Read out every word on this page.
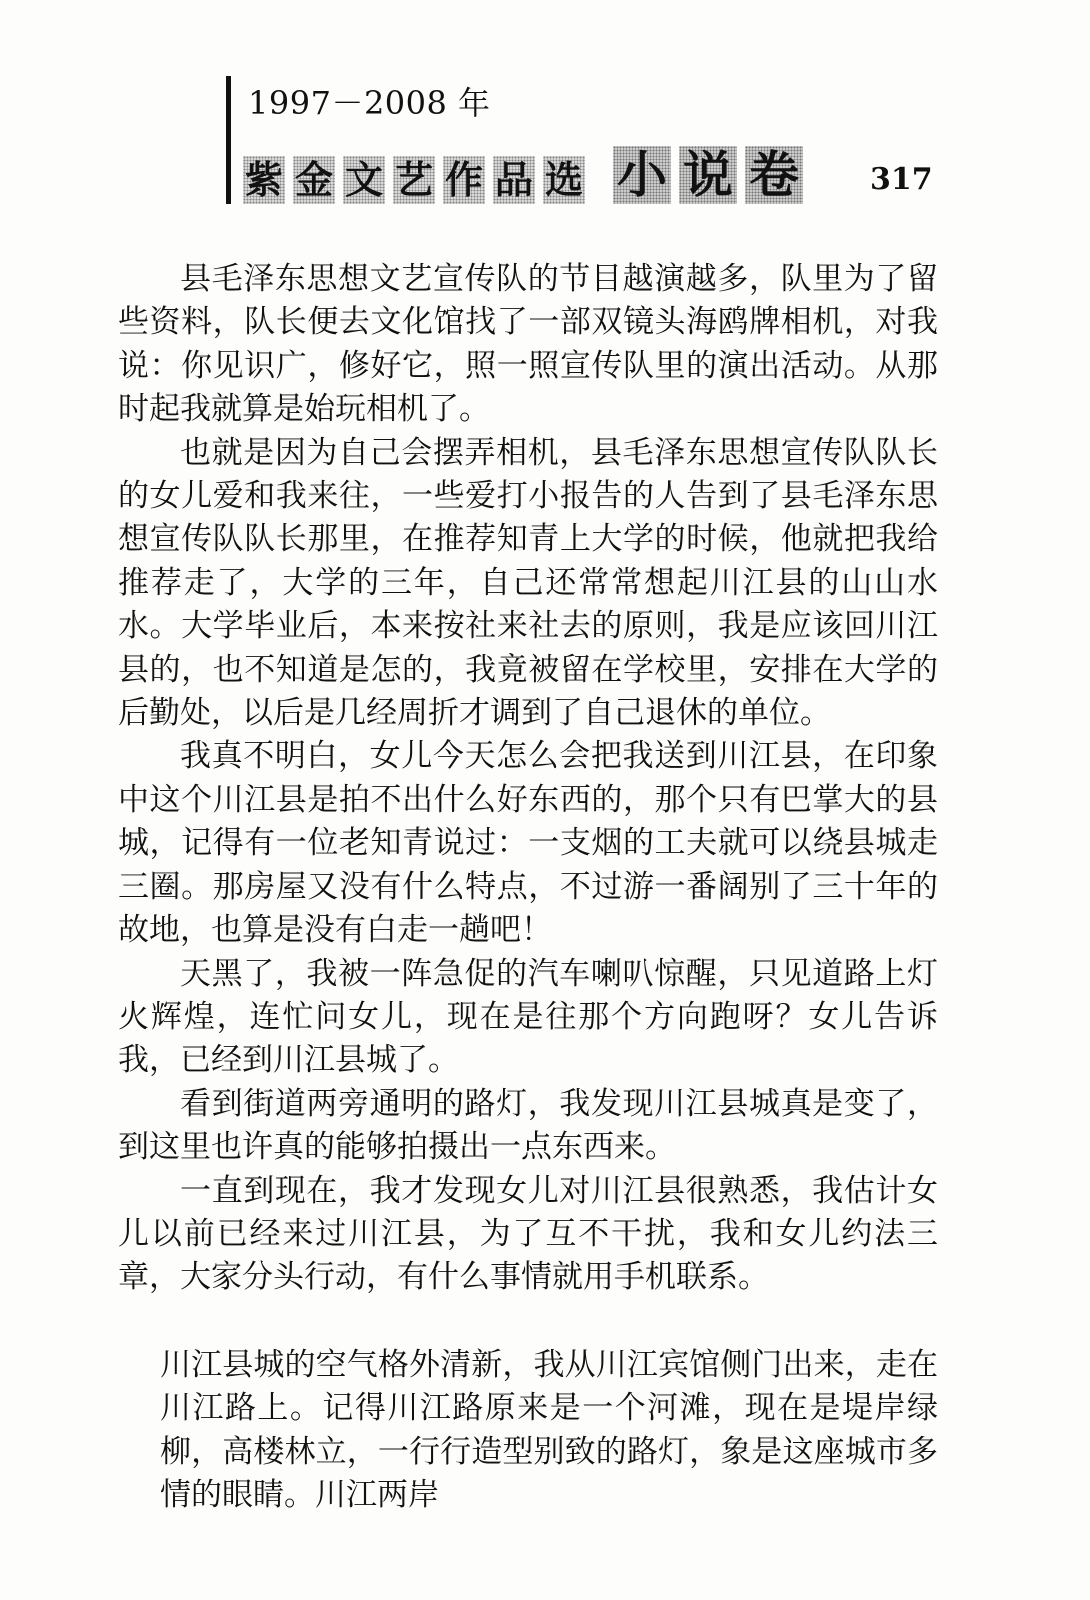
1997－2008 年
紫 金 文 艺 作 品 选 小 说 卷 317

县毛泽东思想文艺宣传队的节目越演越多，队里为了留些资料，队长便去文化馆找了一部双镜头海鸥牌相机，对我说：你见识广，修好它，照一照宣传队里的演出活动。从那时起我就算是始玩相机了。

也就是因为自己会摆弄相机，县毛泽东思想宣传队队长的女儿爱和我来往，一些爱打小报告的人告到了县毛泽东思想宣传队队长那里，在推荐知青上大学的时候，他就把我给推荐走了，大学的三年，自己还常常想起川江县的山山水水。大学毕业后，本来按社来社去的原则，我是应该回川江县的，也不知道是怎的，我竟被留在学校里，安排在大学的后勤处，以后是几经周折才调到了自己退休的单位。

我真不明白，女儿今天怎么会把我送到川江县，在印象中这个川江县是拍不出什么好东西的，那个只有巴掌大的县城，记得有一位老知青说过：一支烟的工夫就可以绕县城走三圈。那房屋又没有什么特点，不过游一番阔别了三十年的故地，也算是没有白走一趟吧！

天黑了，我被一阵急促的汽车喇叭惊醒，只见道路上灯火辉煌，连忙问女儿，现在是往那个方向跑呀？女儿告诉我，已经到川江县城了。

看到街道两旁通明的路灯，我发现川江县城真是变了，到这里也许真的能够拍摄出一点东西来。

一直到现在，我才发现女儿对川江县很熟悉，我估计女儿以前已经来过川江县，为了互不干扰，我和女儿约法三章，大家分头行动，有什么事情就用手机联系。

川江县城的空气格外清新，我从川江宾馆侧门出来，走在川江路上。记得川江路原来是一个河滩，现在是堤岸绿柳，高楼林立，一行行造型别致的路灯，象是这座城市多情的眼睛。川江两岸
